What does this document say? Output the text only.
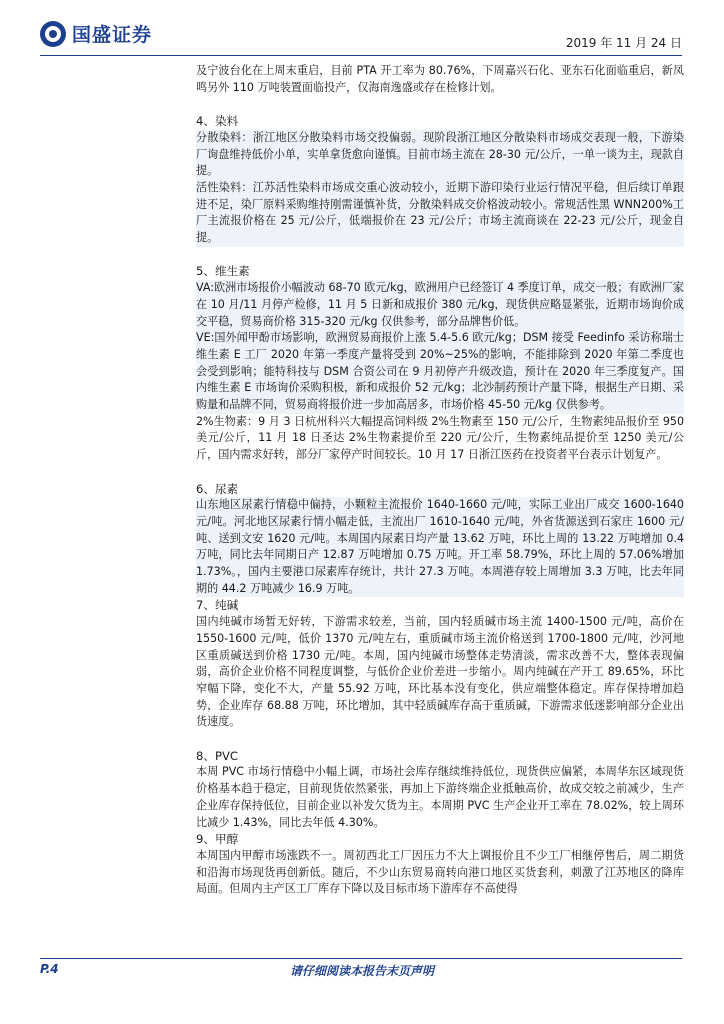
国盛证券	2019 年 11 月 24 日

及宁波台化在上周末重启，目前 PTA 开工率为 80.76%，下周嘉兴石化、亚东石化面临重启，新凤鸣另外 110 万吨装置面临投产，仅海南逸盛或存在检修计划。

4、染料

分散染料：浙江地区分散染料市场交投偏弱。现阶段浙江地区分散染料市场成交表现一般，下游染厂询盘维持低价小单，实单拿货愈向谨慎。目前市场主流在 28-30 元/公斤，一单一谈为主，现款自提。

活性染料：江苏活性染料市场成交重心波动较小，近期下游印染行业运行情况平稳，但后续订单跟进不足，染厂原料采购维持刚需谨慎补货，分散染料成交价格波动较小。常规活性黑 WNN200%工厂主流报价格在 25 元/公斤，低端报价在 23 元/公斤；市场主流商谈在 22-23 元/公斤，现金自提。

5、维生素

VA:欧洲市场报价小幅波动 68-70 欧元/kg，欧洲用户已经签订 4 季度订单，成交一般；有欧洲厂家在 10 月/11 月停产检修，11 月 5 日新和成报价 380 元/kg，现货供应略显紧张，近期市场询价成交平稳，贸易商价格 315-320 元/kg 仅供参考，部分品牌售价低。

VE:国外闻甲酚市场影响，欧洲贸易商报价上涨 5.4-5.6 欧元/kg；DSM 接受 Feedinfo 采访称瑞士维生素 E 工厂 2020 年第一季度产量将受到 20%~25%的影响，不能排除到 2020 年第二季度也会受到影响；能特科技与 DSM 合资公司在 9 月初停产升级改造，预计在 2020 年三季度复产。国内维生素 E 市场询价采购积极，新和成报价 52 元/kg；北沙制药预计产量下降，根据生产日期、采购量和品牌不同，贸易商将报价进一步加高居多，市场价格 45-50 元/kg 仅供参考。

2%生物素：9 月 3 日杭州科兴大幅提高饲料级 2%生物素至 150 元/公斤，生物素纯品报价至 950 美元/公斤，11 月 18 日圣达 2%生物素提价至 220 元/公斤，生物素纯品提价至 1250 美元/公斤，国内需求好转，部分厂家停产时间较长。10 月 17 日浙江医药在投资者平台表示计划复产。

6、尿素

山东地区尿素行情稳中偏持，小颗粒主流报价 1640-1660 元/吨，实际工业出厂成交 1600-1640 元/吨。河北地区尿素行情小幅走低，主流出厂 1610-1640 元/吨，外省货源送到石家庄 1600 元/吨、送到文安 1620 元/吨。本周国内尿素日均产量 13.62 万吨，环比上周的 13.22 万吨增加 0.4 万吨，同比去年同期日产 12.87 万吨增加 0.75 万吨。开工率 58.79%，环比上周的 57.06%增加 1.73%。，国内主要港口尿素库存统计，共计 27.3 万吨。本周港存较上周增加 3.3 万吨，比去年同期的 44.2 万吨减少 16.9 万吨。

7、纯碱

国内纯碱市场暂无好转，下游需求较差，当前，国内轻质碱市场主流 1400-1500 元/吨，高价在 1550-1600 元/吨，低价 1370 元/吨左右，重质碱市场主流价格送到 1700-1800 元/吨，沙河地区重质碱送到价格 1730 元/吨。本周，国内纯碱市场整体走势清淡，需求改善不大，整体表现偏弱，高价企业价格不同程度调整，与低价企业价差进一步缩小。周内纯碱在产开工 89.65%，环比窄幅下降，变化不大，产量 55.92 万吨，环比基本没有变化，供应端整体稳定。库存保持增加趋势，企业库存 68.88 万吨，环比增加，其中轻质碱库存高于重质碱，下游需求低迷影响部分企业出货速度。

8、PVC

本周 PVC 市场行情稳中小幅上调，市场社会库存继续维持低位，现货供应偏紧，本周华东区域现货价格基本趋于稳定，目前现货依然紧张，再加上下游终端企业抵触高价，故成交较之前减少，生产企业库存保持低位，目前企业以补发欠货为主。本周期 PVC 生产企业开工率在 78.02%，较上周环比减少 1.43%，同比去年低 4.30%。

9、甲醇

本周国内甲醇市场涨跌不一。周初西北工厂因压力不大上调报价且不少工厂相继停售后，周二期货和沿海市场现货再创新低。随后，不少山东贸易商转向港口地区买货套利，刺激了江苏地区的降库局面。但周内主产区工厂库存下降以及目标市场下游库存不高使得

P.4	请仔细阅读本报告末页声明
